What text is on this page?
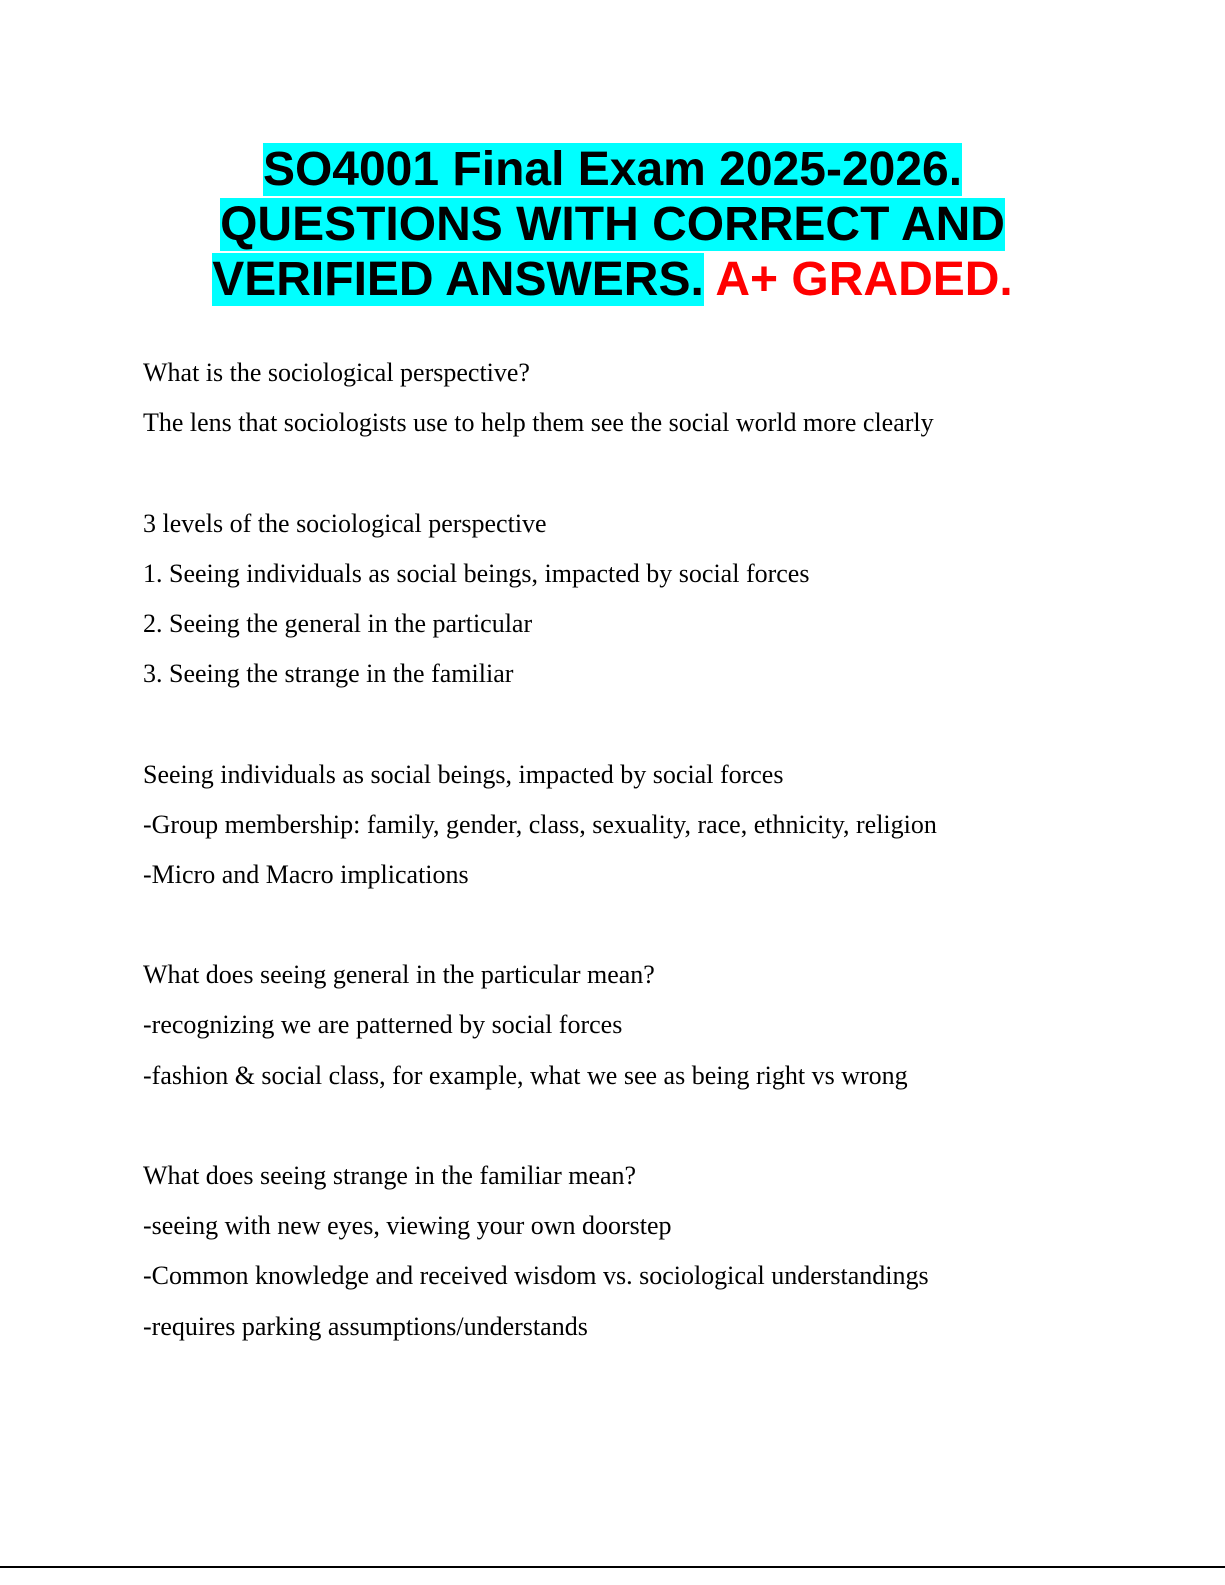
SO4001 Final Exam 2025-2026.
QUESTIONS WITH CORRECT AND
VERIFIED ANSWERS. A+ GRADED.
What is the sociological perspective?
The lens that sociologists use to help them see the social world more clearly
3 levels of the sociological perspective
1. Seeing individuals as social beings, impacted by social forces
2. Seeing the general in the particular
3. Seeing the strange in the familiar
Seeing individuals as social beings, impacted by social forces
-Group membership: family, gender, class, sexuality, race, ethnicity, religion
-Micro and Macro implications
What does seeing general in the particular mean?
-recognizing we are patterned by social forces
-fashion & social class, for example, what we see as being right vs wrong
What does seeing strange in the familiar mean?
-seeing with new eyes, viewing your own doorstep
-Common knowledge and received wisdom vs. sociological understandings
-requires parking assumptions/understands
